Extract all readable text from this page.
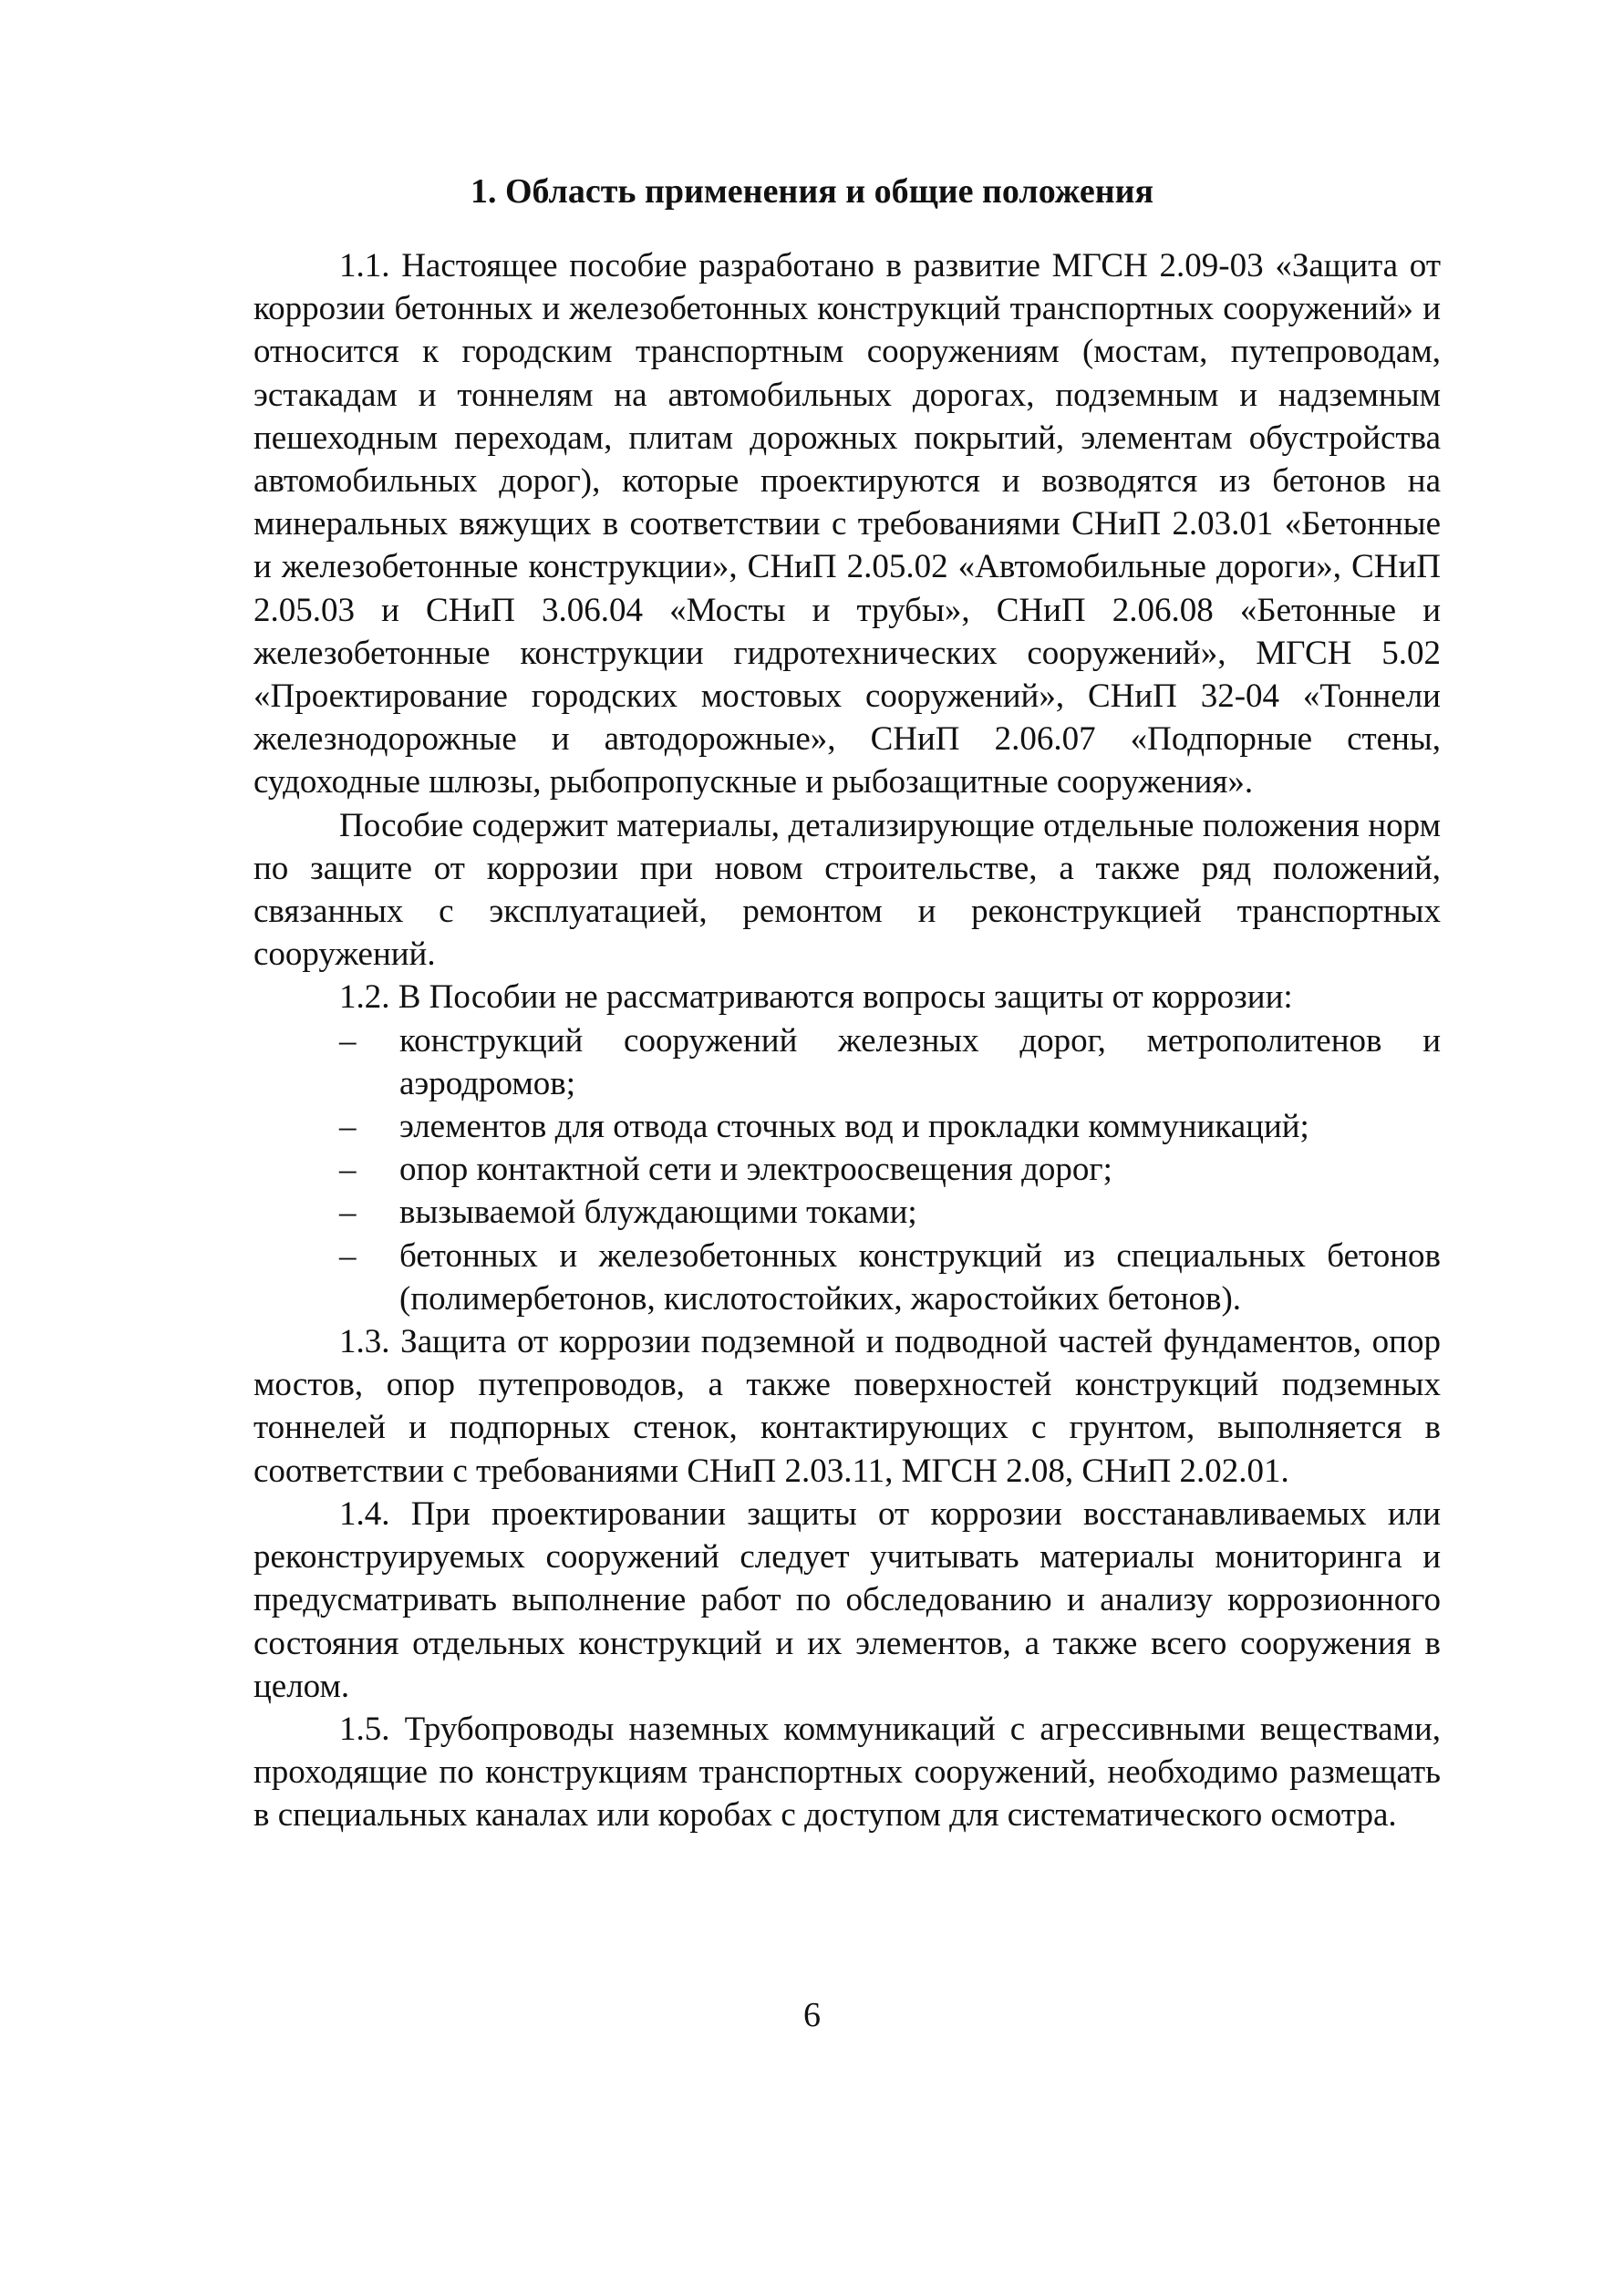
1. Область применения и общие положения

1.1. Настоящее пособие разработано в развитие МГСН 2.09-03 «Защита от коррозии бетонных и железобетонных конструкций транспортных сооружений» и относится к городским транспортным сооружениям (мостам, путепроводам, эстакадам и тоннелям на автомобильных дорогах, подземным и надземным пешеходным переходам, плитам дорожных покрытий, элементам обустройства автомобильных дорог), которые проектируются и возводятся из бетонов на минеральных вяжущих в соответствии с требованиями СНиП 2.03.01 «Бетонные и железобетонные конструкции», СНиП 2.05.02 «Автомобильные дороги», СНиП 2.05.03 и СНиП 3.06.04 «Мосты и трубы», СНиП 2.06.08 «Бетонные и железобетонные конструкции гидротехнических сооружений», МГСН 5.02 «Проектирование городских мостовых сооружений», СНиП 32-04 «Тоннели железнодорожные и автодорожные», СНиП 2.06.07 «Подпорные стены, судоходные шлюзы, рыбопропускные и рыбозащитные сооружения».

Пособие содержит материалы, детализирующие отдельные положения норм по защите от коррозии при новом строительстве, а также ряд положений, связанных с эксплуатацией, ремонтом и реконструкцией транспортных сооружений.

1.2. В Пособии не рассматриваются вопросы защиты от коррозии:

– конструкций сооружений железных дорог, метрополитенов и аэродромов;
– элементов для отвода сточных вод и прокладки коммуникаций;
– опор контактной сети и электроосвещения дорог;
– вызываемой блуждающими токами;
– бетонных и железобетонных конструкций из специальных бетонов (полимербетонов, кислотостойких, жаростойких бетонов).

1.3. Защита от коррозии подземной и подводной частей фундаментов, опор мостов, опор путепроводов, а также поверхностей конструкций подземных тоннелей и подпорных стенок, контактирующих с грунтом, выполняется в соответствии с требованиями СНиП 2.03.11, МГСН 2.08, СНиП 2.02.01.

1.4. При проектировании защиты от коррозии восстанавливаемых или реконструируемых сооружений следует учитывать материалы мониторинга и предусматривать выполнение работ по обследованию и анализу коррозионного состояния отдельных конструкций и их элементов, а также всего сооружения в целом.

1.5. Трубопроводы наземных коммуникаций с агрессивными веществами, проходящие по конструкциям транспортных сооружений, необходимо размещать в специальных каналах или коробах с доступом для систематического осмотра.

6
